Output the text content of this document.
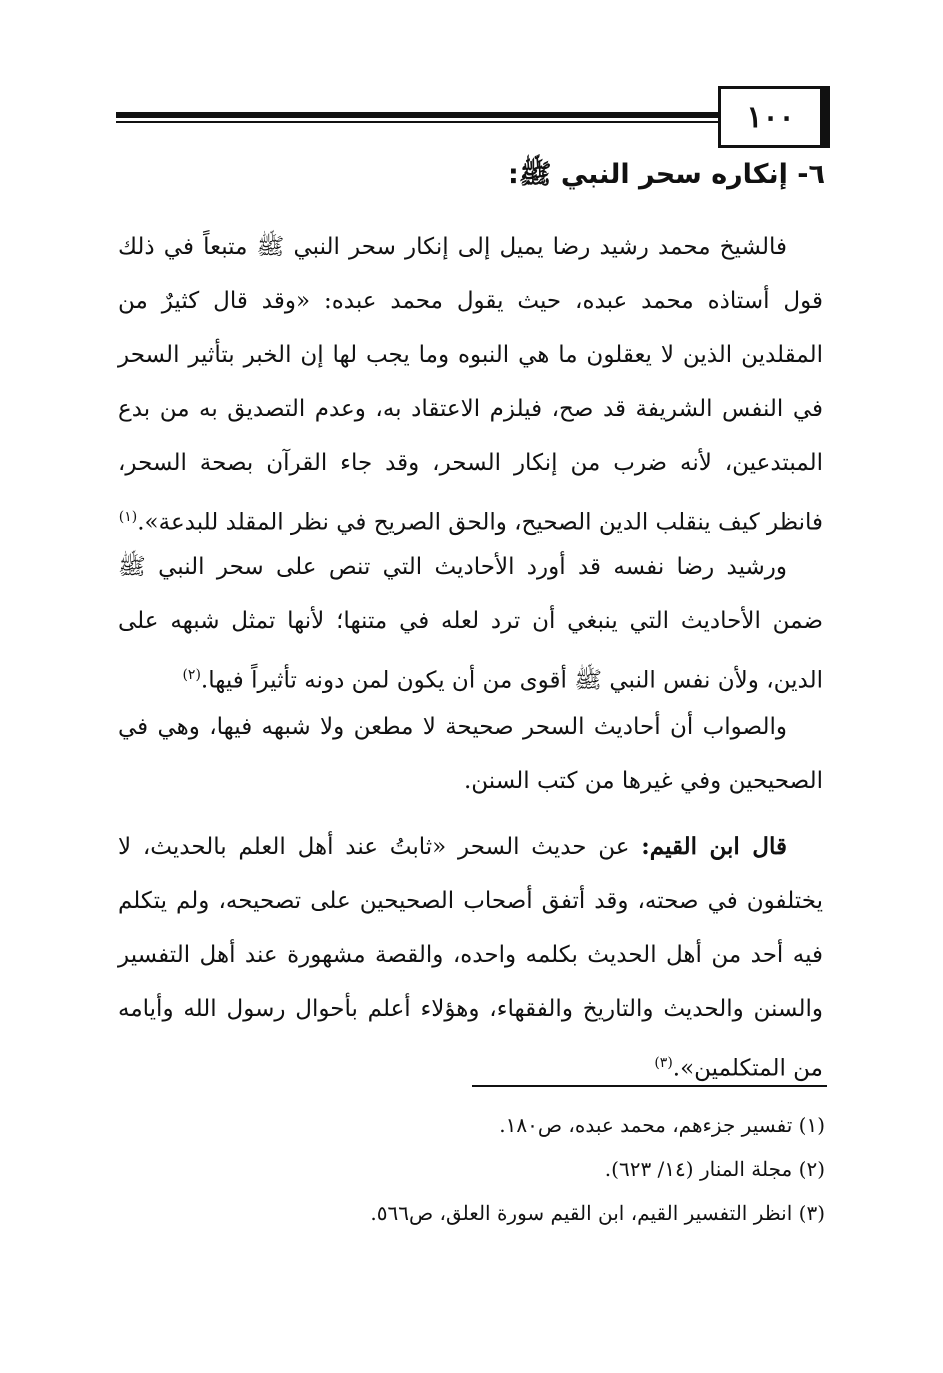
١٠٠
٦- إنكاره سحر النبي ﷺ:
فالشيخ محمد رشيد رضا يميل إلى إنكار سحر النبي ﷺ متبعاً في ذلك قول أستاذه محمد عبده، حيث يقول محمد عبده: «وقد قال كثيرٌ من المقلدين الذين لا يعقلون ما هي النبوه وما يجب لها إن الخبر بتأثير السحر في النفس الشريفة قد صح، فيلزم الاعتقاد به، وعدم التصديق به من بدع المبتدعين، لأنه ضرب من إنكار السحر، وقد جاء القرآن بصحة السحر، فانظر كيف ينقلب الدين الصحيح، والحق الصريح في نظر المقلد للبدعة».$^{(١)}$
ورشيد رضا نفسه قد أورد الأحاديث التي تنص على سحر النبي ﷺ ضمن الأحاديث التي ينبغي أن ترد لعله في متنها؛ لأنها تمثل شبهه على الدين، ولأن نفس النبي ﷺ أقوى من أن يكون لمن دونه تأثيراً فيها.$^{(٢)}$
والصواب أن أحاديث السحر صحيحة لا مطعن ولا شبهه فيها، وهي في الصحيحين وفي غيرها من كتب السنن.
قال ابن القيم: عن حديث السحر «ثابتُ عند أهل العلم بالحديث، لا يختلفون في صحته، وقد أتفق أصحاب الصحيحين على تصحيحه، ولم يتكلم فيه أحد من أهل الحديث بكلمه واحده، والقصة مشهورة عند أهل التفسير والسنن والحديث والتاريخ والفقهاء، وهؤلاء أعلم بأحوال رسول الله وأيامه من المتكلمين».$^{(٣)}$
(١) تفسير جزءهم، محمد عبده، ص١٨٠.
(٢) مجلة المنار (١٤/ ٦٢٣).
(٣) انظر التفسير القيم، ابن القيم سورة العلق، ص٥٦٦.
